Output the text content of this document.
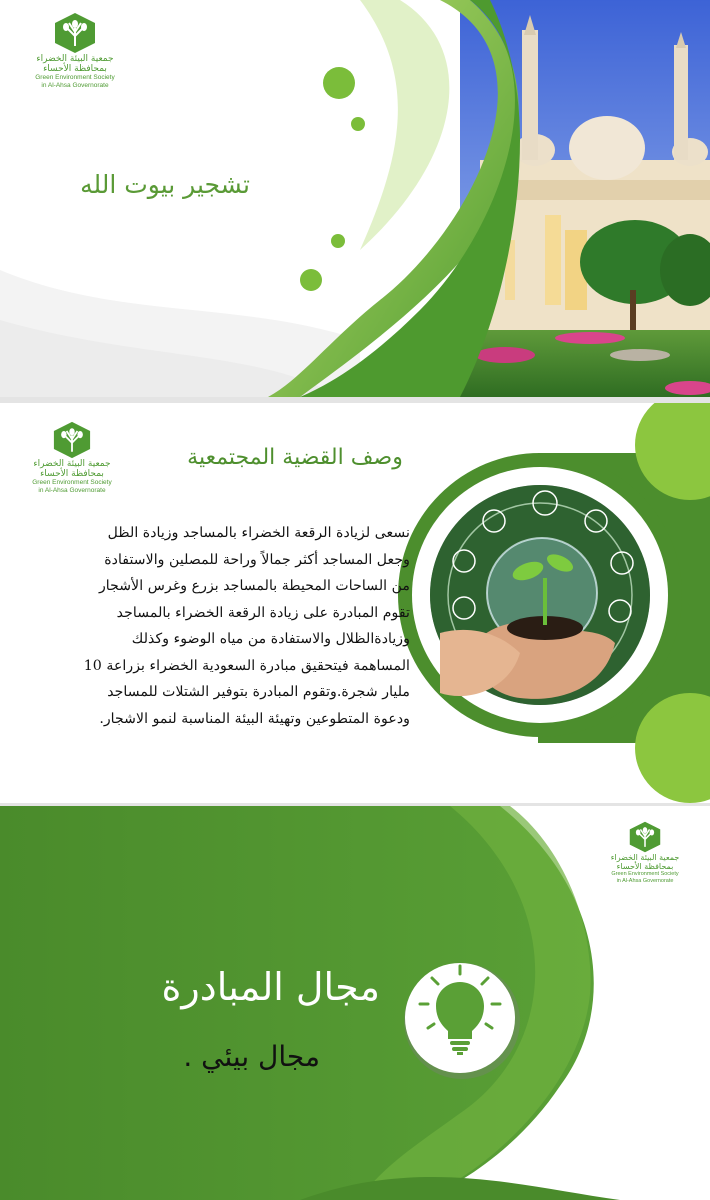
جمعية البيئة الخضراء
بمحافظة الأحساء
Green Environment Society
in Al-Ahsa Governorate
تشجير بيوت الله
جمعية البيئة الخضراء
بمحافظة الأحساء
Green Environment Society
in Al-Ahsa Governorate
وصف القضية المجتمعية
نسعى لزيادة الرقعة الخضراء بالمساجد وزيادة الظل
وجعل المساجد أكثر جمالاً وراحة للمصلين والاستفادة
من الساحات المحيطة بالمساجد بزرع وغرس الأشجار
تقوم المبادرة على زيادة الرقعة الخضراء بالمساجد
وزيادةالظلال والاستفادة من مياه الوضوء وكذلك
المساهمة فيتحقيق مبادرة السعودية الخضراء بزراعة 10
مليار شجرة.وتقوم المبادرة بتوفير الشتلات للمساجد
ودعوة المتطوعين وتهيئة البيئة المناسبة لنمو الاشجار.
جمعية البيئة الخضراء
بمحافظة الأحساء
Green Environment Society
in Al-Ahsa Governorate
مجال المبادرة
مجال بيئي .
